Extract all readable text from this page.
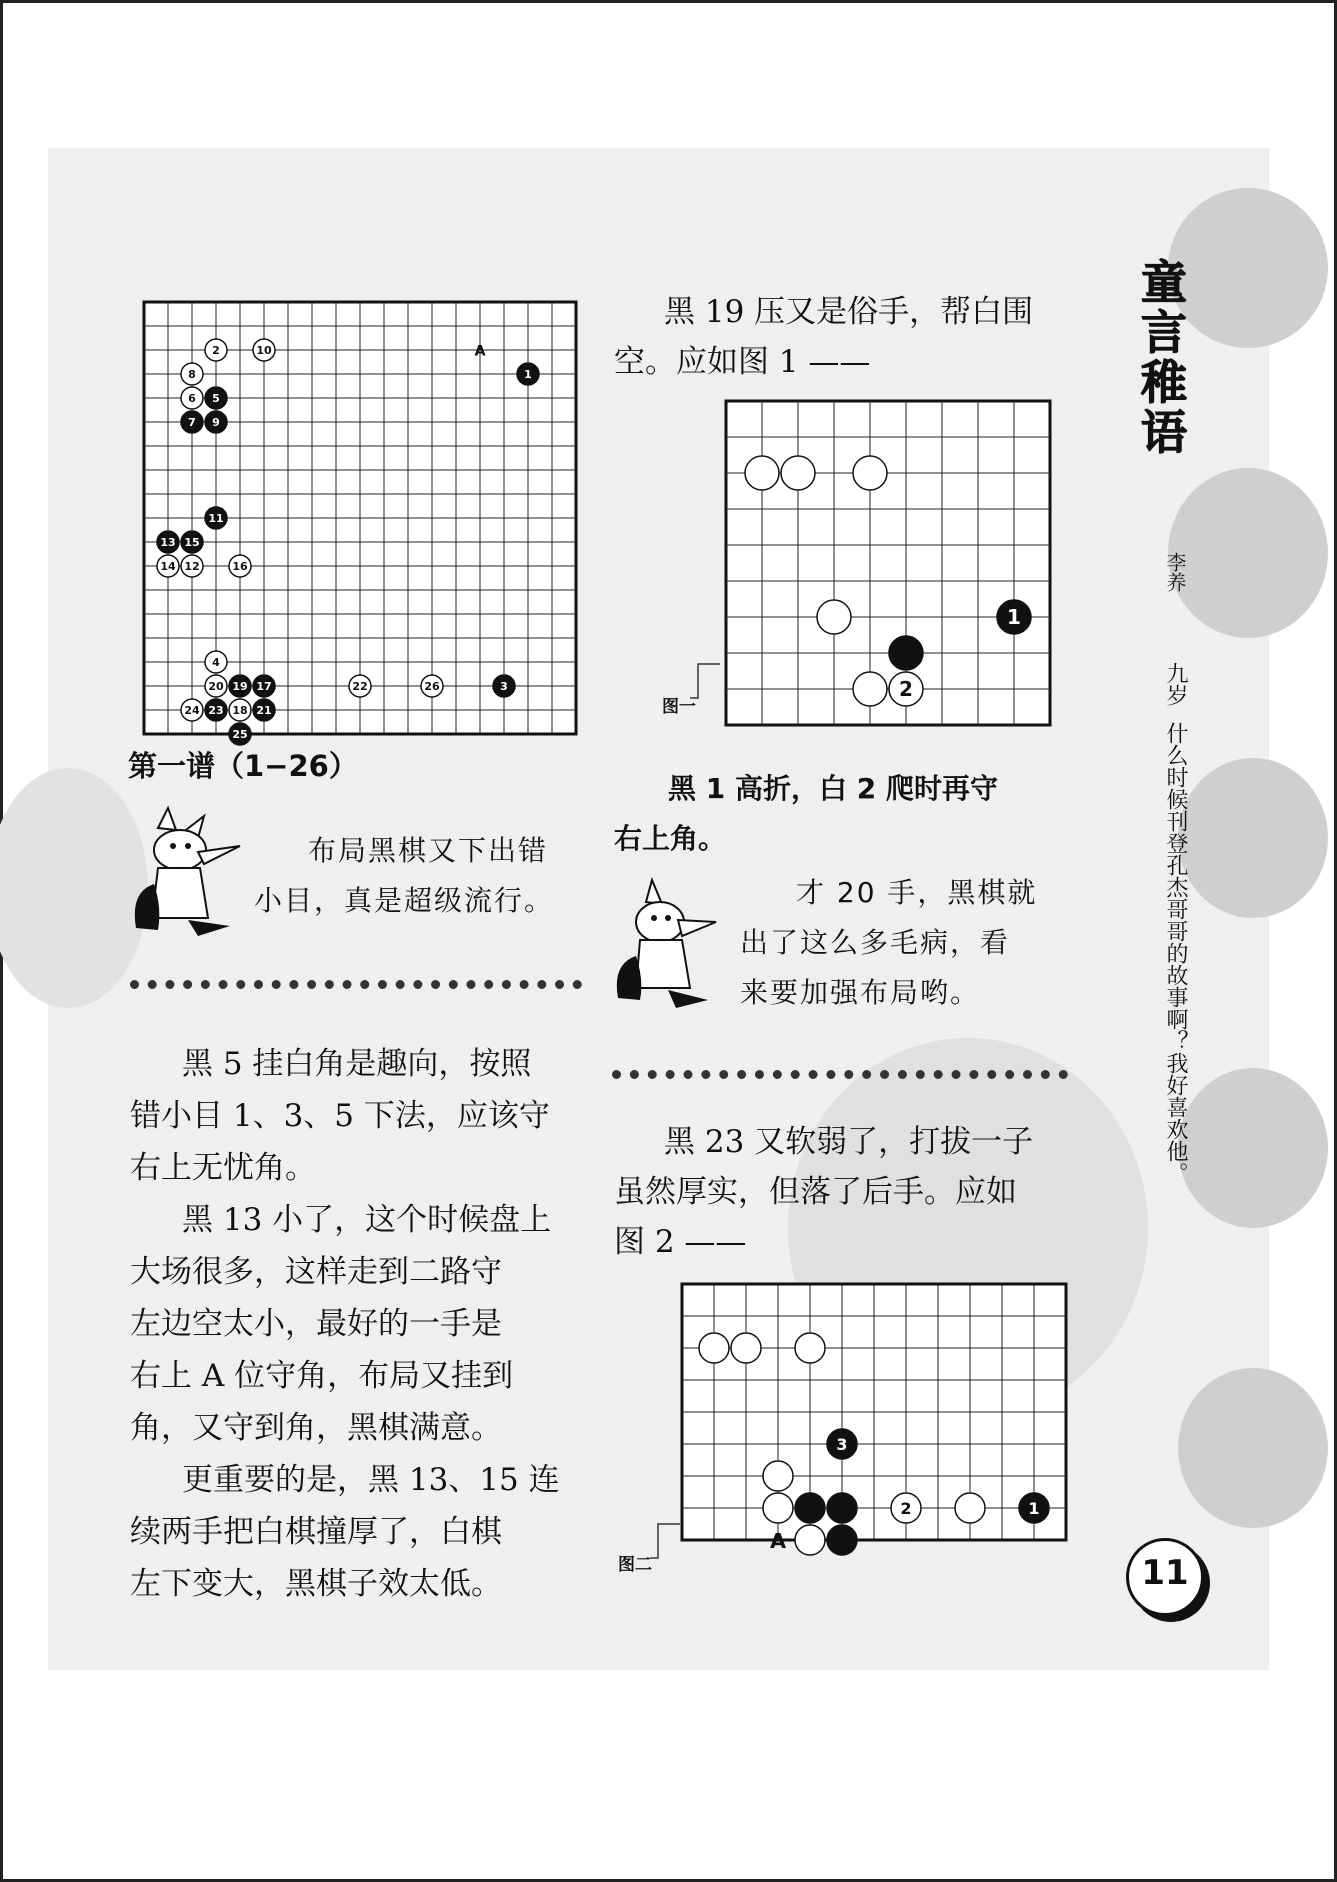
童言稚语
李养
九岁
什么时候刊登孔杰哥哥的故事啊？我好喜欢他。
1
2
3
4
5
6
7
8
9
10
11
12
13
14
15
16
17
18
19
20
21
22
23
24
25
26
A
第一谱（1−26）
1
2
图一
3
2	1
A
图二
布局黑棋又下出错
小目，真是超级流行。
黑 5 挂白角是趣向，按照
错小目 1、3、5 下法，应该守
右上无忧角。
黑 13 小了，这个时候盘上
大场很多，这样走到二路守
左边空太小，最好的一手是
右上 A 位守角，布局又挂到
角，又守到角，黑棋满意。
更重要的是，黑 13、15 连
续两手把白棋撞厚了，白棋
左下变大，黑棋子效太低。
黑 19 压又是俗手，帮白围
空。应如图 1 ——
黑 1 高折，白 2 爬时再守
右上角。
才 20 手，黑棋就
出了这么多毛病，看
来要加强布局哟。
黑 23 又软弱了，打拔一子
虽然厚实，但落了后手。应如
图 2 ——
11
